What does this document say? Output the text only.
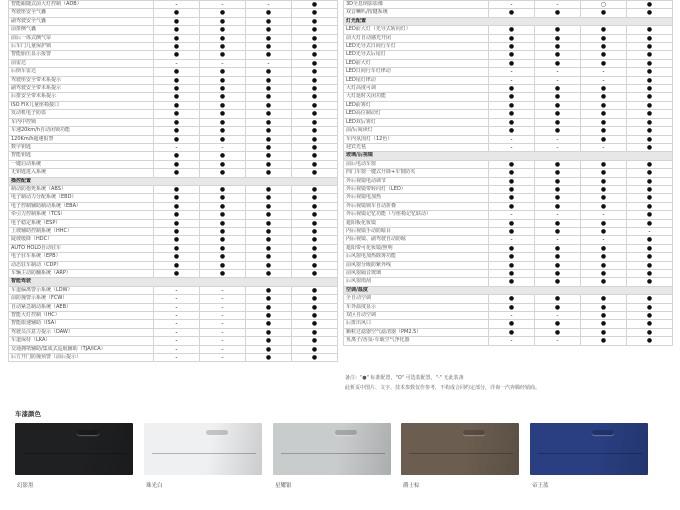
智能跟随式前大灯控制（ADB）	-	-	-	●
驾驶座安全气囊	●	●	●	●
副驾驶安全气囊	●	●	●	●
前排侧气囊	●	●	●	●
前后一体式侧气帘	●	●	●	●
后车门儿童保护锁	●	●	●	●
智能胎压显示报警	●	●	●	●
前雷达	-	-	-	●
后倒车雷达	●	●	●	●
驾驶座安全带未系提示	●	●	●	●
副驾驶安全带未系提示	●	●	●	●
后排安全带未系提示	●	●	●	●
ISO FIX儿童座椅接口	●	●	●	●
发动机电子防盗	●	●	●	●
车内中控锁	●	●	●	●
车速20km/h自动闭锁功能	●	●	●	●
120Km/h超速报警	●	●	●	●
数字钥匙	-	-	●	●
智能钥匙	●	●	●	●
一键启动系统	●	●	●	●
无钥匙进入系统	●	●	●	●
操控配置				
制动防抱死系统（ABS）	●	●	●	●
电子制动力分配系统（EBD）	●	●	●	●
电子控制辅助制动系统（EBA）	●	●	●	●
牵引力控制系统（TCS）	●	●	●	●
电子稳定系统（ESP）	●	●	●	●
上坡辅助控制系统（HHC）	●	●	●	●
陡坡缓降（HDC）	●	●	●	●
AUTO HOLD自动驻车	●	●	●	●
电子驻车系统（EPB）	●	●	●	●
动态驻车制动（CDP）	●	●	●	●
车辆主动防翻系统（ARP）	●	●	●	●
智能驾驶				
车道偏离警示系统（LDW）	-	-	●	●
前防撞警示系统（FCW）	-	-	●	●
自动紧急制动系统（AEB）	-	-	●	●
智能大灯控制（IHC）	-	-	●	●
智能限速辅助（ISA）	-	-	●	●
驾驶员注意力提示（DAW）	-	-	●	●
车道保持（LKA）	-	-	●	●
交通拥堵辅助/集成式巡航辅助（TJA/ICA）	-	-	●	●
后方开门防撞预警（前后提示）	-	-	●	●
3D全息倒影影像	-	-	○	●
双音喇叭/按键系统	●	●	●	●
灯光配置				
LED前大灯（光导式转向灯）	●	●	●	●
前大灯自动感光开闭	●	●	●	●
LED光导式日间行车灯	●	●	●	●
LED光导式后尾灯	●	●	●	●
LED前大灯	●	●	●	●
LED日间行车灯律动	-	-	-	●
LED尾灯律动	-	-	-	●
大灯高度可调	●	●	●	●
大灯延时关闭功能	●	●	●	●
LED前雾灯	●	●	●	●
LED高位制动灯	●	●	●	●
LED双后雾灯	●	●	●	●
前/后阅读灯	●	●	●	●
车内氛围灯（12色）	-	-	●	●
迎宾光毯	-	-	-	●
玻璃/后视镜				
前后电动车窗	●	●	●	●
四门车窗一键式升降+车窗防夹	●	●	●	●
外后视镜电动调节	●	●	●	●
外后视镜带转向灯（LED）	●	●	●	●
外后视镜电加热	●	●	●	●
外后视镜锁车自动折叠	●	●	●	●
外后视镜记忆功能（与座椅记忆联动）	-	-	-	●
遮阳板化妆镜	●	●	●	●
内后视镜手动防眩目	●	●	●	-
内后视镜、副驾驶自动防眩	-	-	-	●
遮阳带可化妆镜/照明	●	●	●	●
后风窗电加热除雾功能	●	●	●	●
前风窗分级防紫外线	●	●	●	●
前风窗隔音玻璃	●	●	●	●
后风窗雨刮	●	●	●	●
空调/温度				
全自动空调	●	●	●	●
车外温度显示	●	●	●	●
双区自动空调	-	-	●	●
后排出风口	●	●	●	●
颗粒过滤器空气滤清器（PM2.5）	●	●	●	●
负离子/香氛-车载空气净化器	-	-	●	●
备注："●" 标准配置，"O" 可选装配置，"-" 无此装备
此析页中图片、文字、技术参数仅作参考，不构成合同约定部分，详询一汽奔腾经销商。
车漆颜色
幻影黑	珠光白	星耀银	爵士棕	帝王蓝
